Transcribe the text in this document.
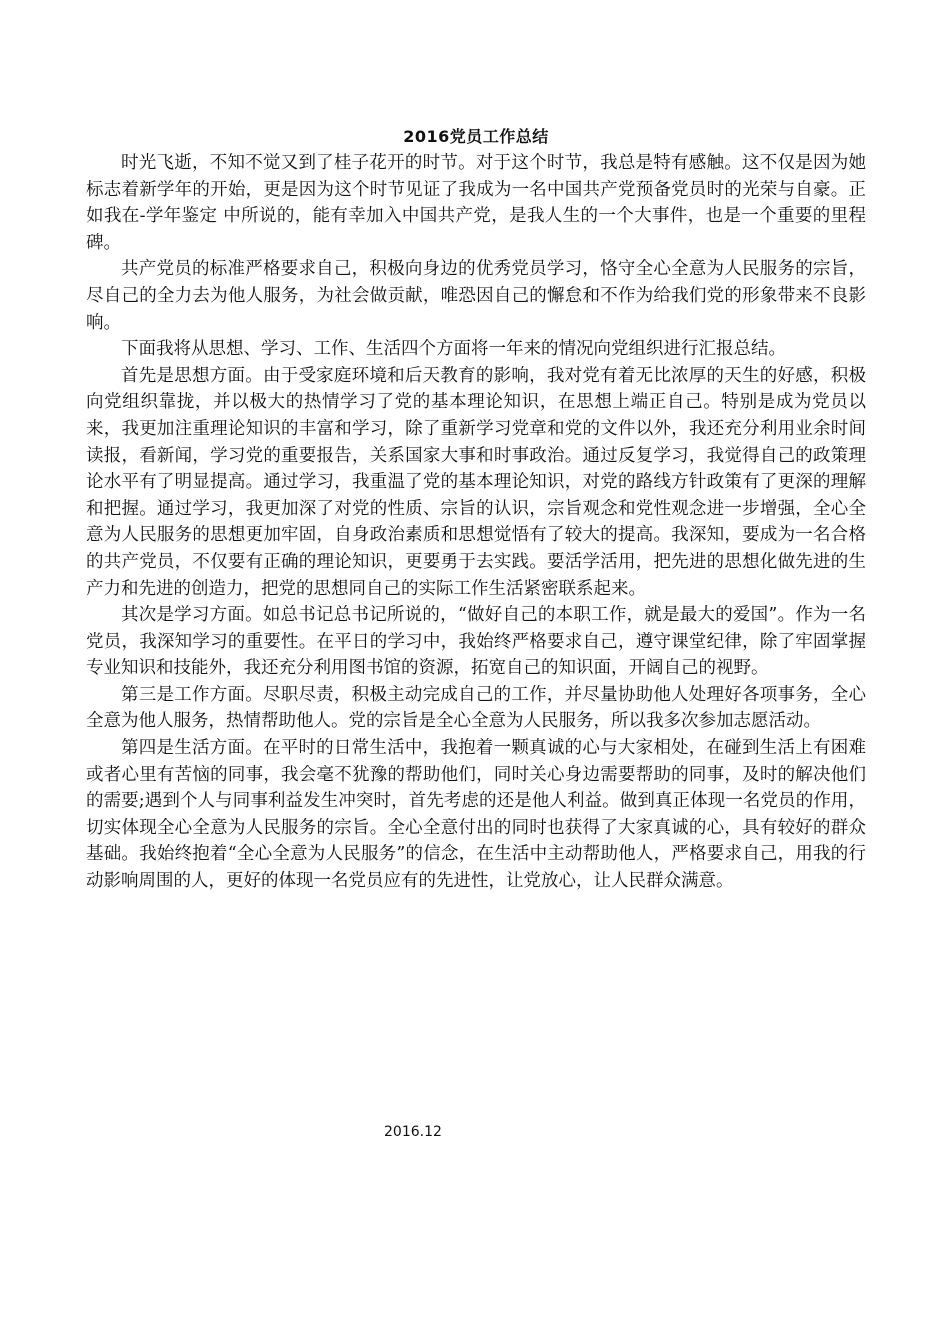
2016党员工作总结

时光飞逝，不知不觉又到了桂子花开的时节。对于这个时节，我总是特有感触。这不仅是因为她标志着新学年的开始，更是因为这个时节见证了我成为一名中国共产党预备党员时的光荣与自豪。正如我在-学年鉴定 中所说的，能有幸加入中国共产党，是我人生的一个大事件，也是一个重要的里程碑。

共产党员的标准严格要求自己，积极向身边的优秀党员学习，恪守全心全意为人民服务的宗旨，尽自己的全力去为他人服务，为社会做贡献，唯恐因自己的懈怠和不作为给我们党的形象带来不良影响。

下面我将从思想、学习、工作、生活四个方面将一年来的情况向党组织进行汇报总结。

首先是思想方面。由于受家庭环境和后天教育的影响，我对党有着无比浓厚的天生的好感，积极向党组织靠拢，并以极大的热情学习了党的基本理论知识，在思想上端正自己。特别是成为党员以来，我更加注重理论知识的丰富和学习，除了重新学习党章和党的文件以外，我还充分利用业余时间读报，看新闻，学习党的重要报告，关系国家大事和时事政治。通过反复学习，我觉得自己的政策理论水平有了明显提高。通过学习，我重温了党的基本理论知识，对党的路线方针政策有了更深的理解和把握。通过学习，我更加深了对党的性质、宗旨的认识，宗旨观念和党性观念进一步增强，全心全意为人民服务的思想更加牢固，自身政治素质和思想觉悟有了较大的提高。我深知，要成为一名合格的共产党员，不仅要有正确的理论知识，更要勇于去实践。要活学活用，把先进的思想化做先进的生产力和先进的创造力，把党的思想同自己的实际工作生活紧密联系起来。

其次是学习方面。如总书记总书记所说的，“做好自己的本职工作，就是最大的爱国”。作为一名党员，我深知学习的重要性。在平日的学习中，我始终严格要求自己，遵守课堂纪律，除了牢固掌握专业知识和技能外，我还充分利用图书馆的资源，拓宽自己的知识面，开阔自己的视野。

第三是工作方面。尽职尽责，积极主动完成自己的工作，并尽量协助他人处理好各项事务，全心全意为他人服务，热情帮助他人。党的宗旨是全心全意为人民服务，所以我多次参加志愿活动。

第四是生活方面。在平时的日常生活中，我抱着一颗真诚的心与大家相处，在碰到生活上有困难或者心里有苦恼的同事，我会毫不犹豫的帮助他们，同时关心身边需要帮助的同事，及时的解决他们的需要;遇到个人与同事利益发生冲突时，首先考虑的还是他人利益。做到真正体现一名党员的作用，切实体现全心全意为人民服务的宗旨。全心全意付出的同时也获得了大家真诚的心，具有较好的群众基础。我始终抱着“全心全意为人民服务”的信念，在生活中主动帮助他人，严格要求自己，用我的行动影响周围的人，更好的体现一名党员应有的先进性，让党放心，让人民群众满意。

2016.12
